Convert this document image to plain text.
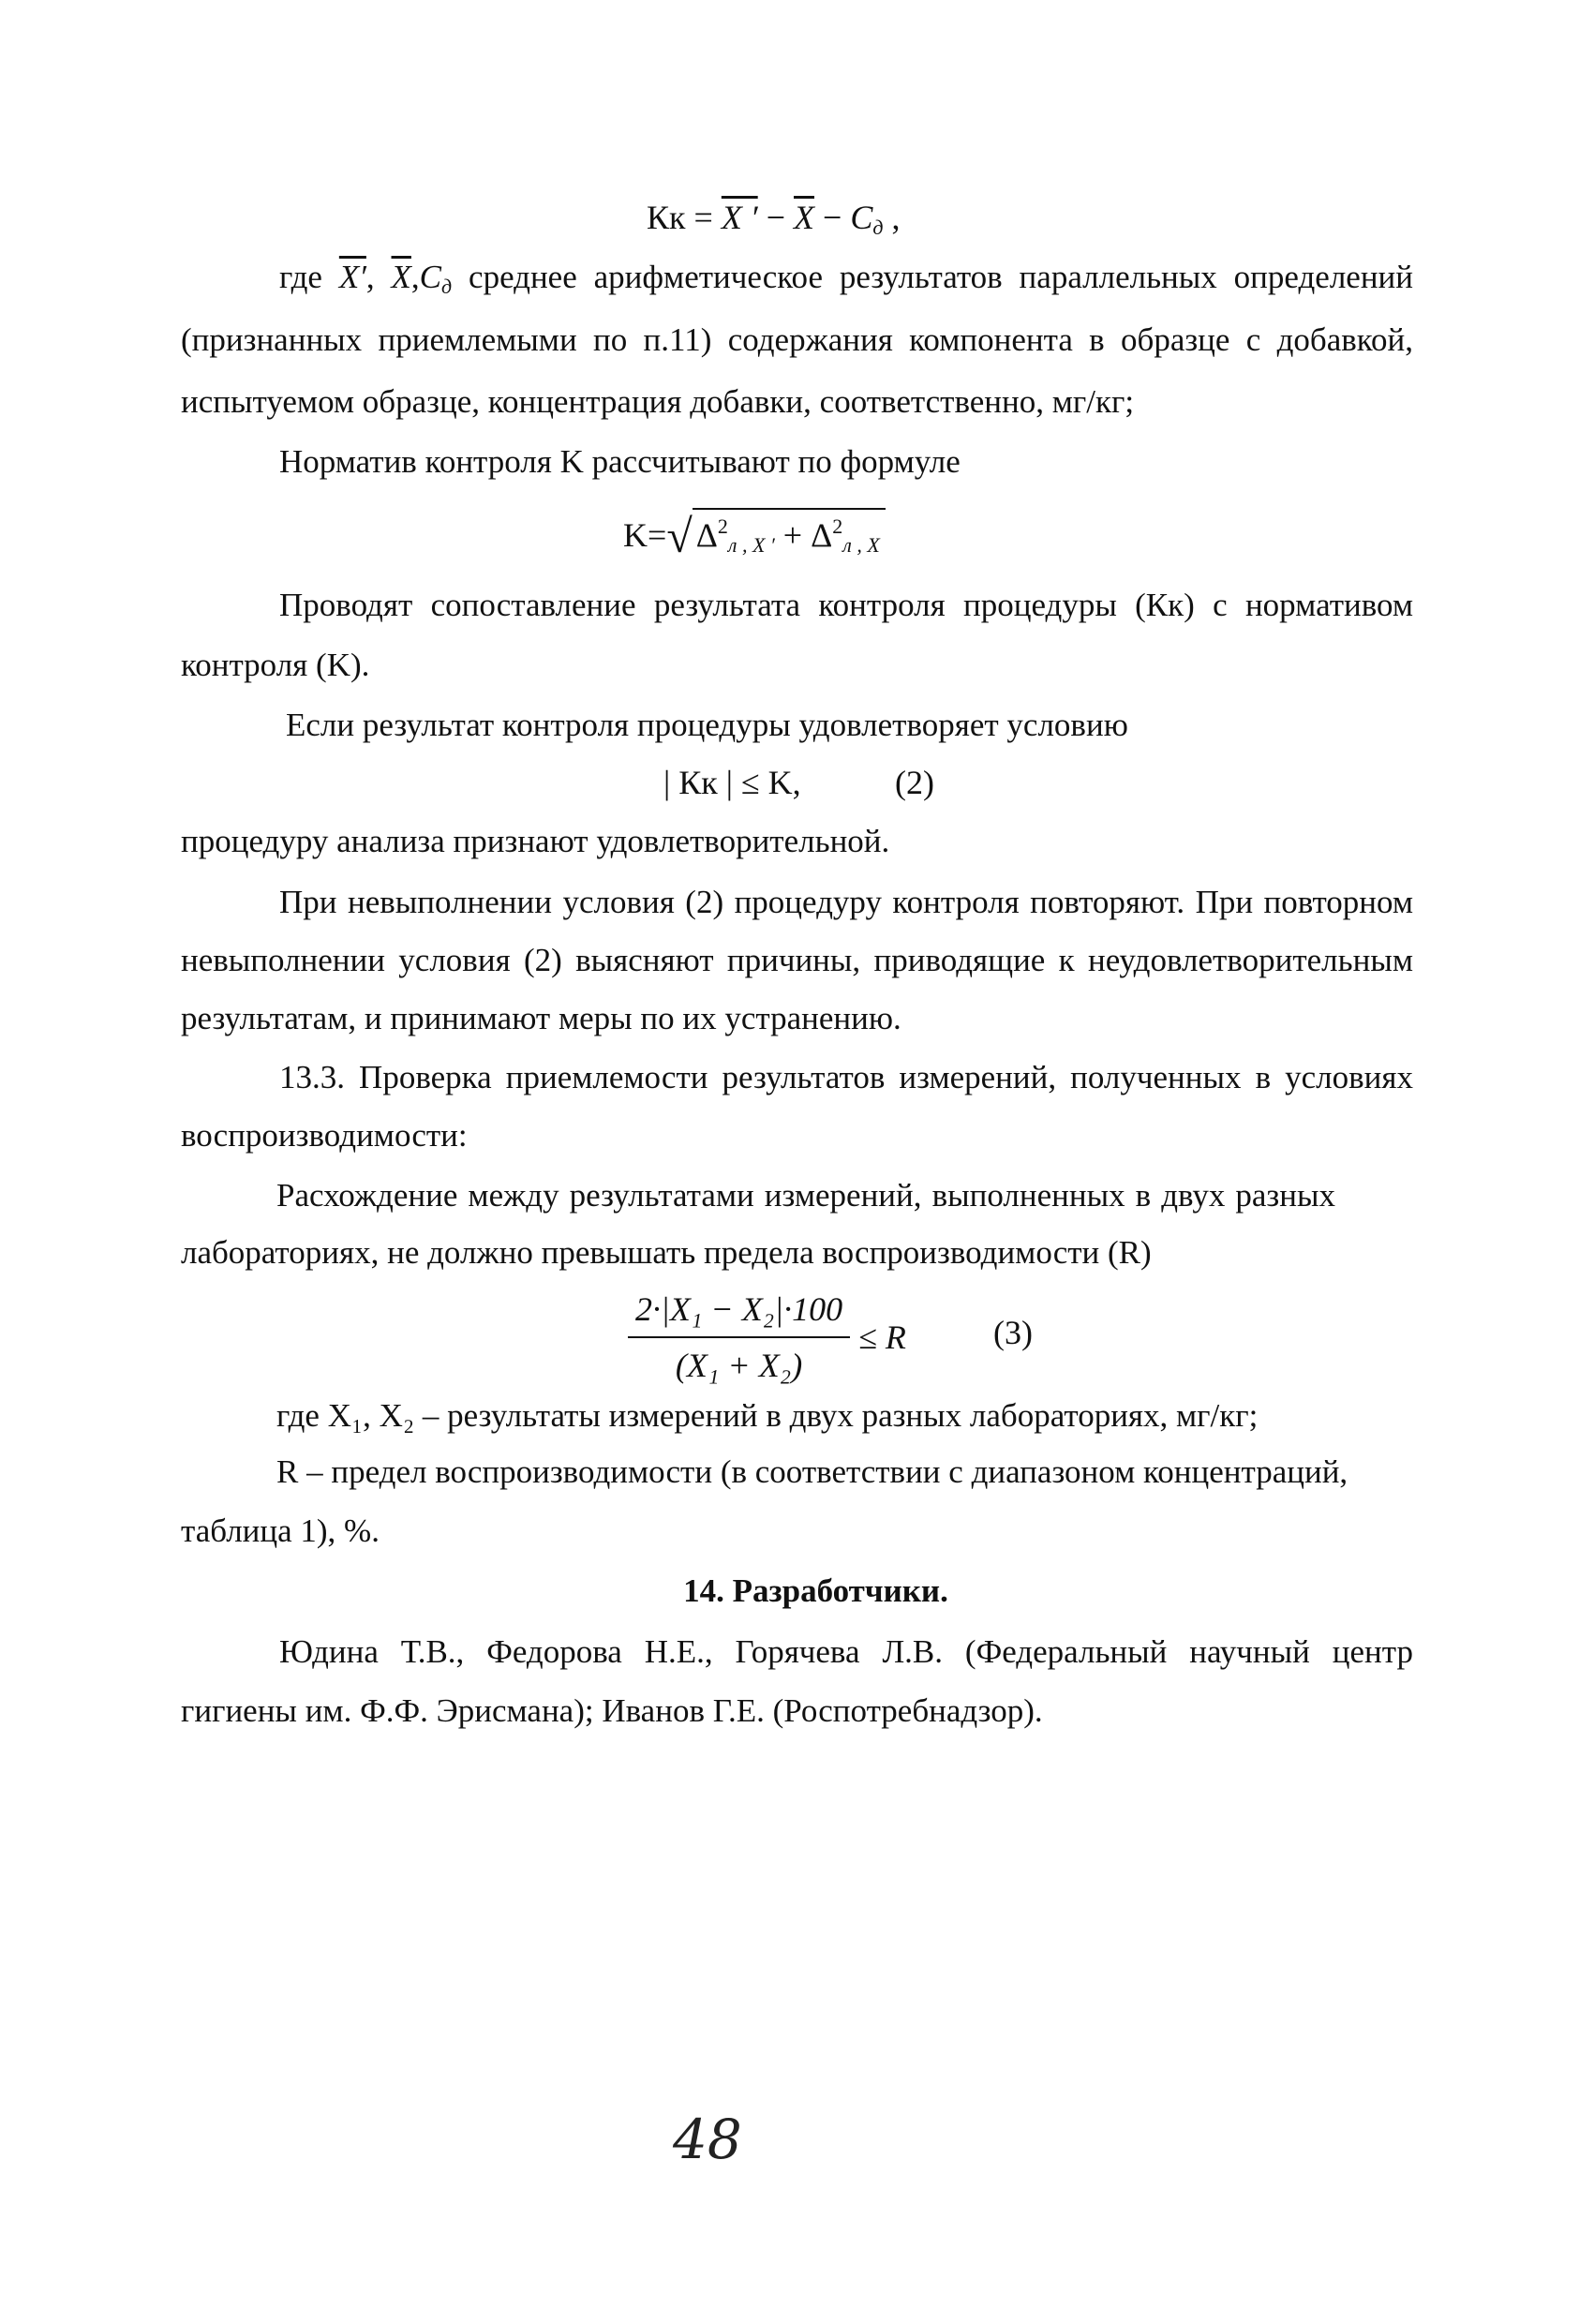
Кк = X ′ − $\overline{X} - C_д$ ,
где X′, $\overline{X},C_д$ среднее арифметическое результатов параллельных определений
(признанных приемлемыми по п.11) содержания компонента в образце с добавкой,
испытуемом образце, концентрация добавки, соответственно, мг/кг;
Норматив контроля K рассчитывают по формуле
K=√ $\Delta^2_{л , X '} + \Delta^2_{л , X}$
Проводят сопоставление результата контроля процедуры (Кк) с нормативом
контроля (K).
Если результат контроля процедуры удовлетворяет условию
| Кк | ≤ K,	(2)
процедуру анализа признают удовлетворительной.
При невыполнении условия (2) процедуру контроля повторяют. При повторном
невыполнении условия (2) выясняют причины, приводящие к неудовлетворительным
результатам, и принимают меры по их устранению.
13.3. Проверка приемлемости результатов измерений, полученных в условиях
воспроизводимости:
Расхождение между результатами измерений, выполненных в двух разных
лабораториях, не должно превышать предела воспроизводимости (R)
$\frac{\text{2·|X₁ − X₂|·100}}{\text{(X₁ + X₂)}} \le R$	(3)
где X₁, X₂ – результаты измерений в двух разных лабораториях, мг/кг;
R – предел воспроизводимости (в соответствии с диапазоном концентраций,
таблица 1), %.
14. Разработчики.
Юдина Т.В., Федорова Н.Е., Горячева Л.В. (Федеральный научный центр
гигиены им. Ф.Ф. Эрисмана); Иванов Г.Е. (Роспотребнадзор).
48
